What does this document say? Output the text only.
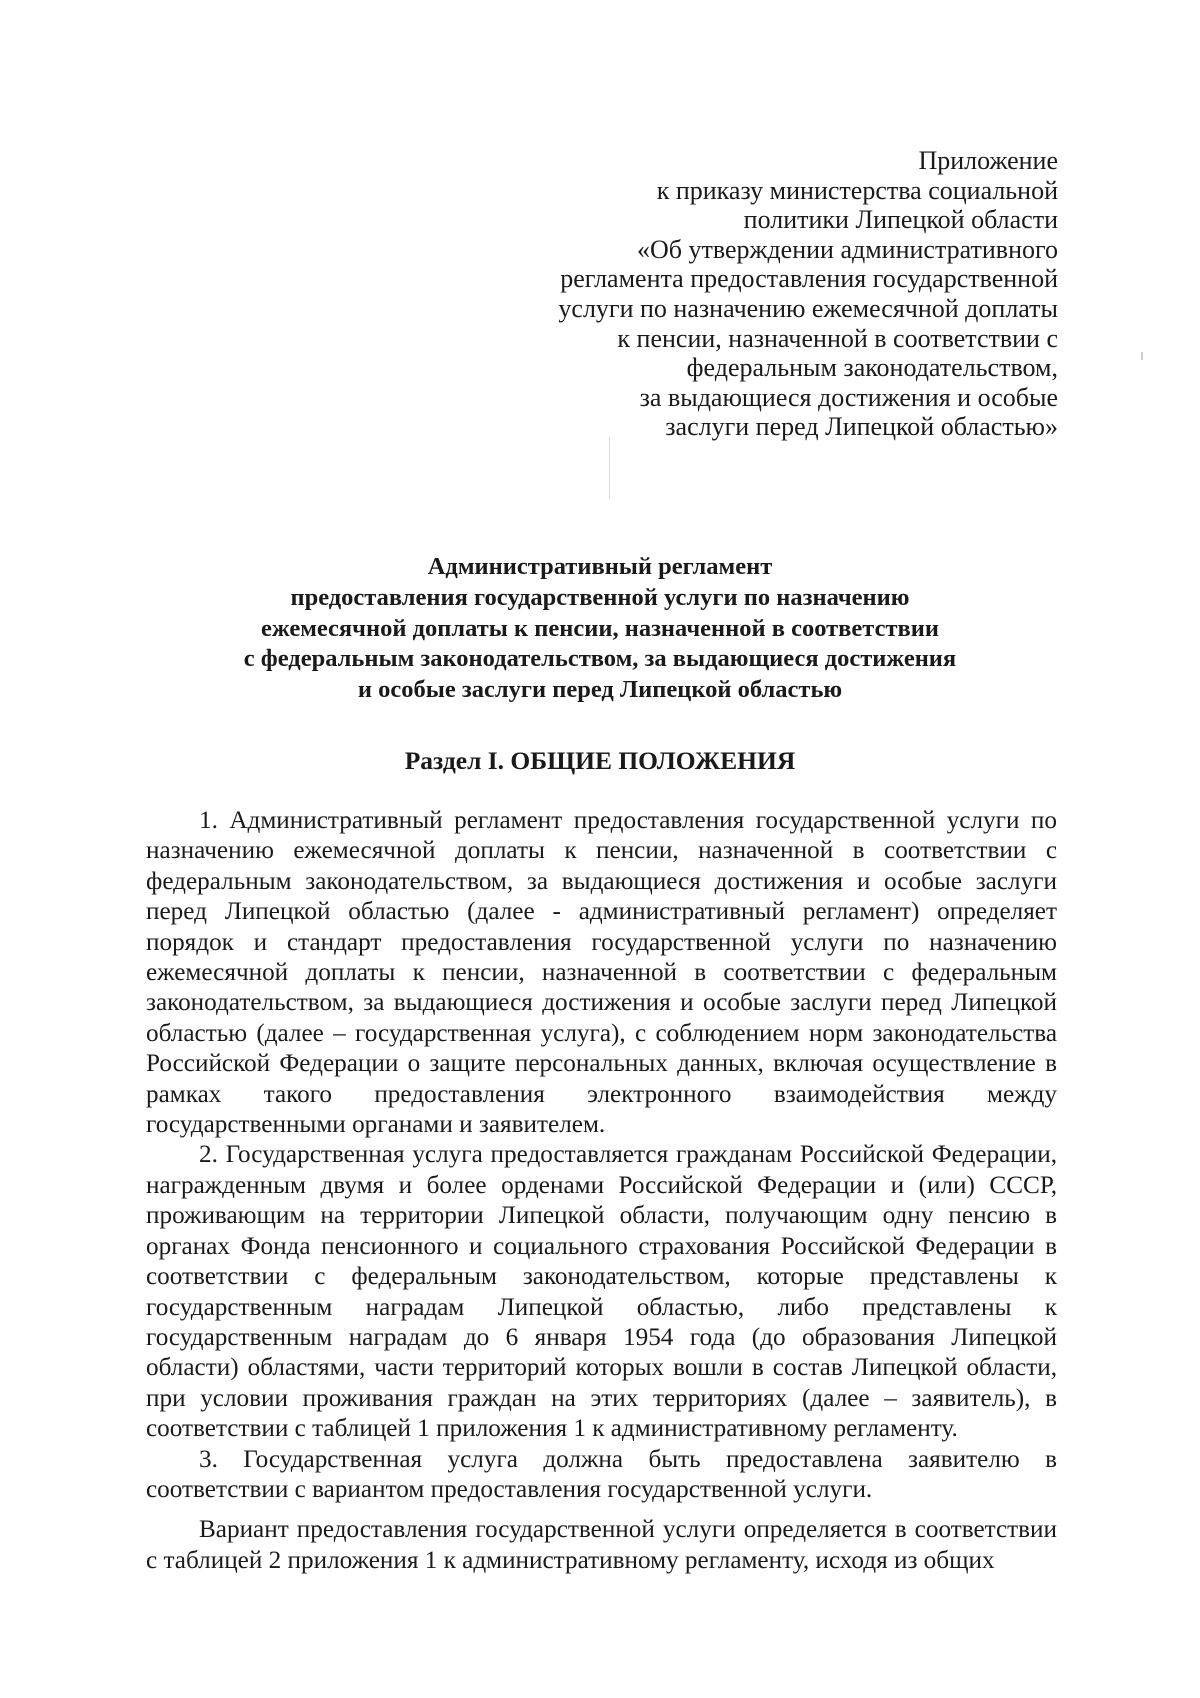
Приложение
к приказу министерства социальной
политики Липецкой области
«Об утверждении административного
регламента предоставления государственной
услуги по назначению ежемесячной доплаты
к пенсии, назначенной в соответствии с
федеральным законодательством,
за выдающиеся достижения и особые
заслуги перед Липецкой областью»
Административный регламент
предоставления государственной услуги по назначению
ежемесячной доплаты к пенсии, назначенной в соответствии
с федеральным законодательством, за выдающиеся достижения
и особые заслуги перед Липецкой областью
Раздел I. ОБЩИЕ ПОЛОЖЕНИЯ

1. Административный регламент предоставления государственной услуги по назначению ежемесячной доплаты к пенсии, назначенной в соответствии с федеральным законодательством, за выдающиеся достижения и особые заслуги перед Липецкой областью (далее - административный регламент) определяет порядок и стандарт предоставления государственной услуги по назначению ежемесячной доплаты к пенсии, назначенной в соответствии с федеральным законодательством, за выдающиеся достижения и особые заслуги перед Липецкой областью (далее – государственная услуга), с соблюдением норм законодательства Российской Федерации о защите персональных данных, включая осуществление в рамках такого предоставления электронного взаимодействия между государственными органами и заявителем.

2. Государственная услуга предоставляется гражданам Российской Федерации, награжденным двумя и более орденами Российской Федерации и (или) СССР, проживающим на территории Липецкой области, получающим одну пенсию в органах Фонда пенсионного и социального страхования Российской Федерации в соответствии с федеральным законодательством, которые представлены к государственным наградам Липецкой областью, либо представлены к государственным наградам до 6 января 1954 года (до образования Липецкой области) областями, части территорий которых вошли в состав Липецкой области, при условии проживания граждан на этих территориях (далее – заявитель), в соответствии с таблицей 1 приложения 1 к административному регламенту.

3. Государственная услуга должна быть предоставлена заявителю в соответствии с вариантом предоставления государственной услуги.

Вариант предоставления государственной услуги определяется в соответствии с таблицей 2 приложения 1 к административному регламенту, исходя из общих
